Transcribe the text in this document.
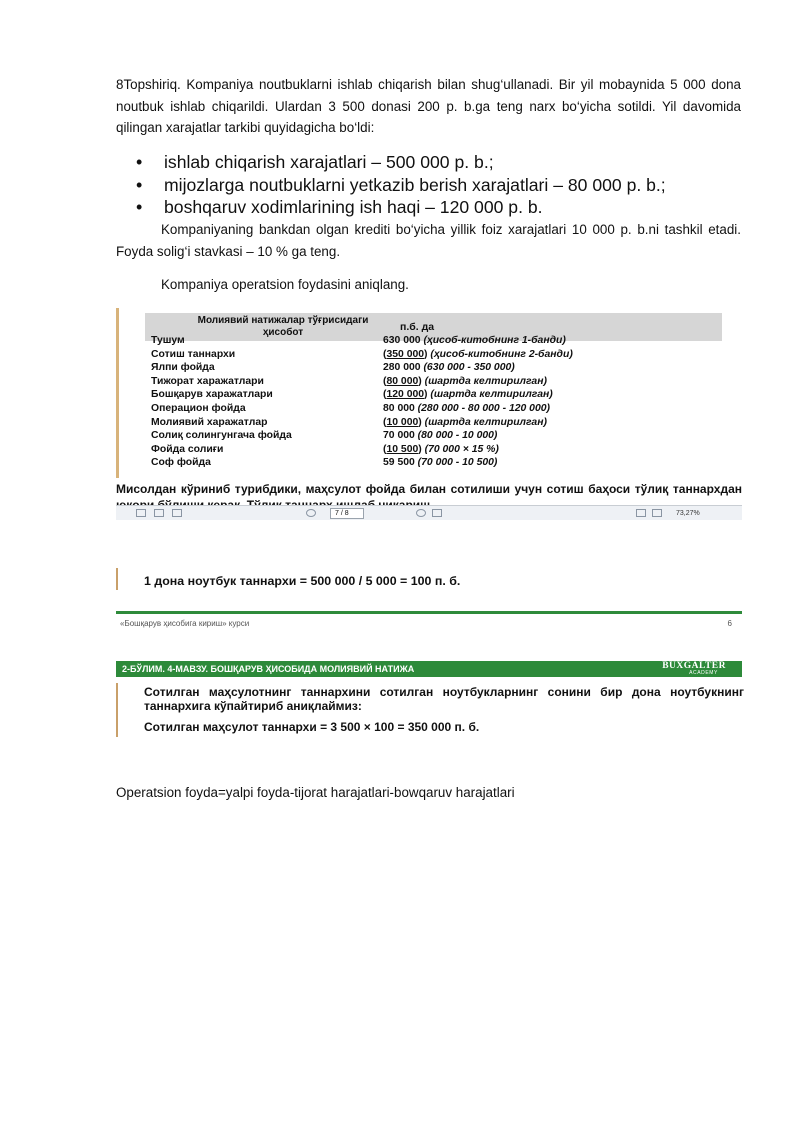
8Topshiriq. Kompaniya noutbuklarni ishlab chiqarish bilan shug‘ullanadi. Bir yil mobaynida 5 000 dona noutbuk ishlab chiqarildi. Ulardan 3 500 donasi 200 p. b.ga teng narx bo‘yicha sotildi. Yil davomida qilingan xarajatlar tarkibi quyidagicha bo‘ldi:
• ishlab chiqarish xarajatlari – 500 000 p. b.;
• mijozlarga noutbuklarni yetkazib berish xarajatlari – 80 000 p. b.;
• boshqaruv xodimlarining ish haqi – 120 000 p. b.
Kompaniyaning bankdan olgan krediti bo‘yicha yillik foiz xarajatlari 10 000 p. b.ni tashkil etadi. Foyda solig‘i stavkasi – 10 % ga teng.
Kompaniya operatsion foydasini aniqlang.
Молиявий натижалар тўғрисидаги ҳисобот	п.б. да
Тушум	630 000 (ҳисоб-китобнинг 1-банди)
Сотиш таннархи	(350 000) (ҳисоб-китобнинг 2-банди)
Ялпи фойда	280 000 (630 000 - 350 000)
Тижорат харажатлари	(80 000) (шартда келтирилган)
Бошқарув харажатлари	(120 000) (шартда келтирилган)
Операцион фойда	80 000 (280 000 - 80 000 - 120 000)
Молиявий харажатлар	(10 000) (шартда келтирилган)
Солиқ солингунгача фойда	70 000 (80 000 - 10 000)
Фойда солиғи	(10 500) (70 000 × 15 %)
Соф фойда	59 500 (70 000 - 10 500)
Мисолдан кўриниб турибдики, маҳсулот фойда билан сотилиши учун сотиш баҳоси тўлиқ таннархдан
7 / 8	73,27%
1 дона ноутбук таннархи = 500 000 / 5 000 = 100 п. б.
«Бошқарув ҳисобига кириш» курси	6
2-БЎЛИМ. 4-МАВЗУ. БОШҚАРУВ ҲИСОБИДА МОЛИЯВИЙ НАТИЖА	BUXGALTER
ACADEMY
Сотилган маҳсулотнинг таннархини сотилган ноутбукларнинг сонини бир дона ноутбукнинг таннархига кўпайтириб аниқлаймиз:
Сотилган маҳсулот таннархи = 3 500 × 100 = 350 000 п. б.
Operatsion foyda=yalpi foyda-tijorat harajatlari-bowqaruv harajatlari
